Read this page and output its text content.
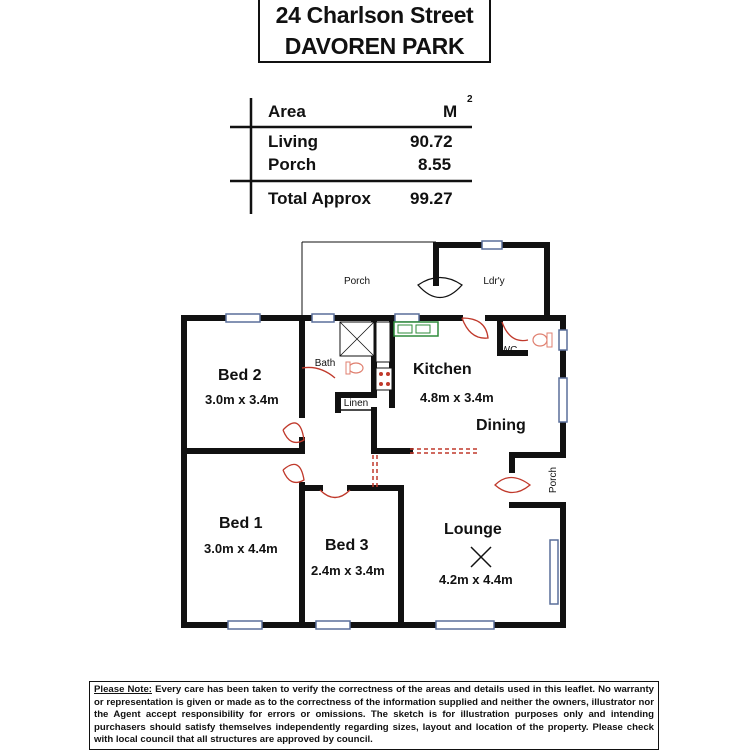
24 Charlson Street
DAVOREN PARK
Area	M
2
Living	90.72
Porch	8.55
Total Approx 99.27
Porch	Ldr'y
Bath
WC
Linen
Kitchen
4.8m x 3.4m
Dining
Bed 2
3.0m x 3.4m
Bed 1
3.0m x 4.4m	Bed 3
2.4m x 3.4m
Lounge
4.2m x 4.4m
Porch
Please Note: Every care has been taken to verify the correctness of the areas and details used in this leaflet. No warranty or representation is given or made as to the correctness of the information supplied and neither the owners, illustrator nor the Agent accept responsibility for errors or omissions. The sketch is for illustration purposes only and intending purchasers should satisfy themselves independently regarding sizes, layout and location of the property. Please check with local council that all structures are approved by council.
